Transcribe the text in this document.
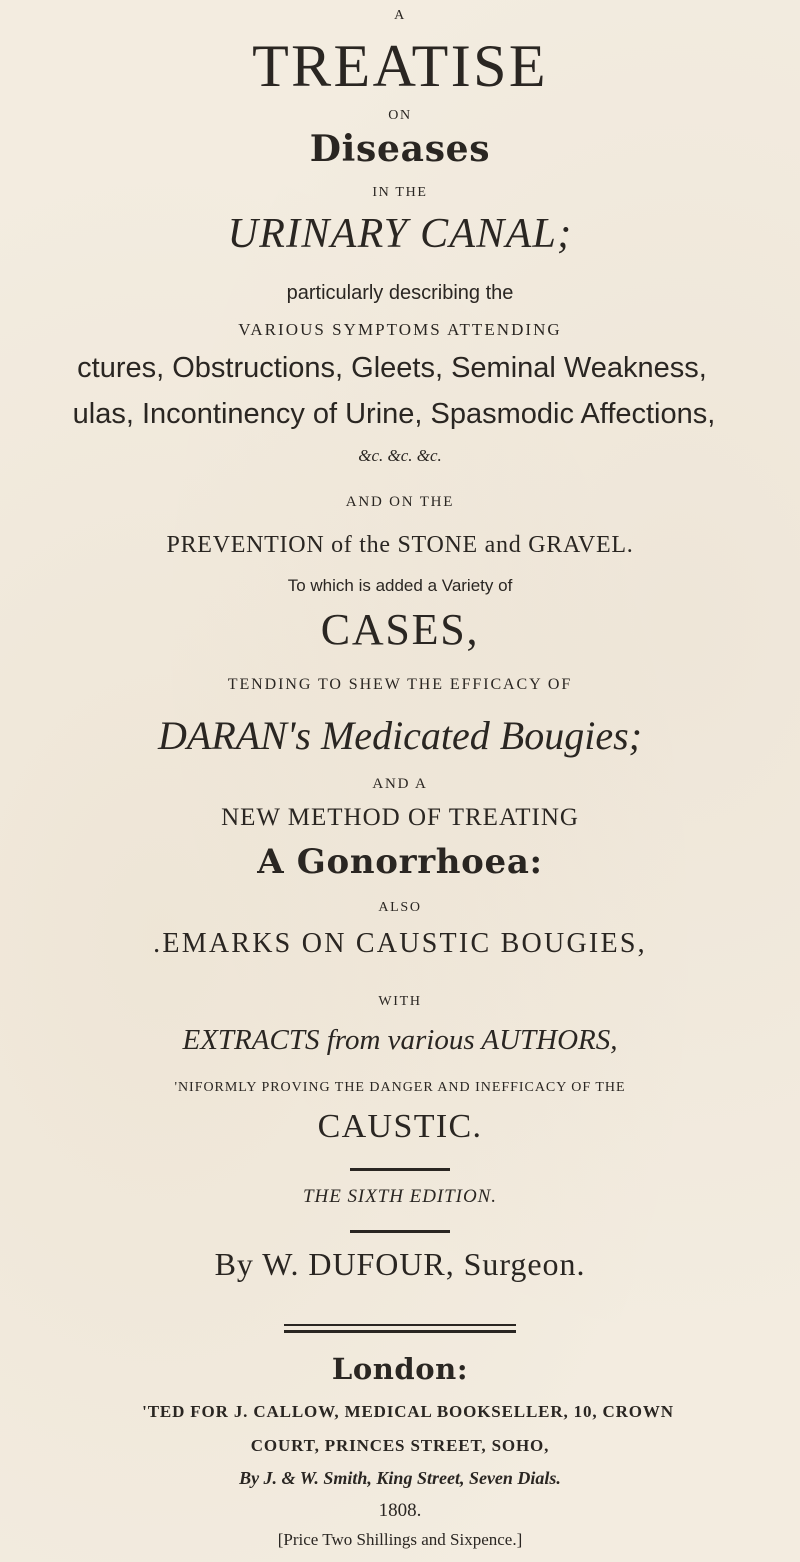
A
TREATISE
ON
Diseases
IN THE
URINARY CANAL;
particularly describing the
VARIOUS SYMPTOMS ATTENDING
ctures, Obstructions, Gleets, Seminal Weakness,
ulas, Incontinency of Urine, Spasmodic Affections,
&c. &c. &c.
AND ON THE
PREVENTION of the STONE and GRAVEL.
To which is added a Variety of
CASES,
TENDING TO SHEW THE EFFICACY OF
DARAN's Medicated Bougies;
AND A
NEW METHOD OF TREATING
A Gonorrhoea:
ALSO
.EMARKS ON CAUSTIC BOUGIES,
WITH
EXTRACTS from various AUTHORS,
'NIFORMLY PROVING THE DANGER AND INEFFICACY OF THE
CAUSTIC.
THE SIXTH EDITION.
By W. DUFOUR, Surgeon.
London:
'TED FOR J. CALLOW, MEDICAL BOOKSELLER, 10, CROWN
COURT, PRINCES STREET, SOHO,
By J. & W. Smith, King Street, Seven Dials.
1808.
[Price Two Shillings and Sixpence.]
